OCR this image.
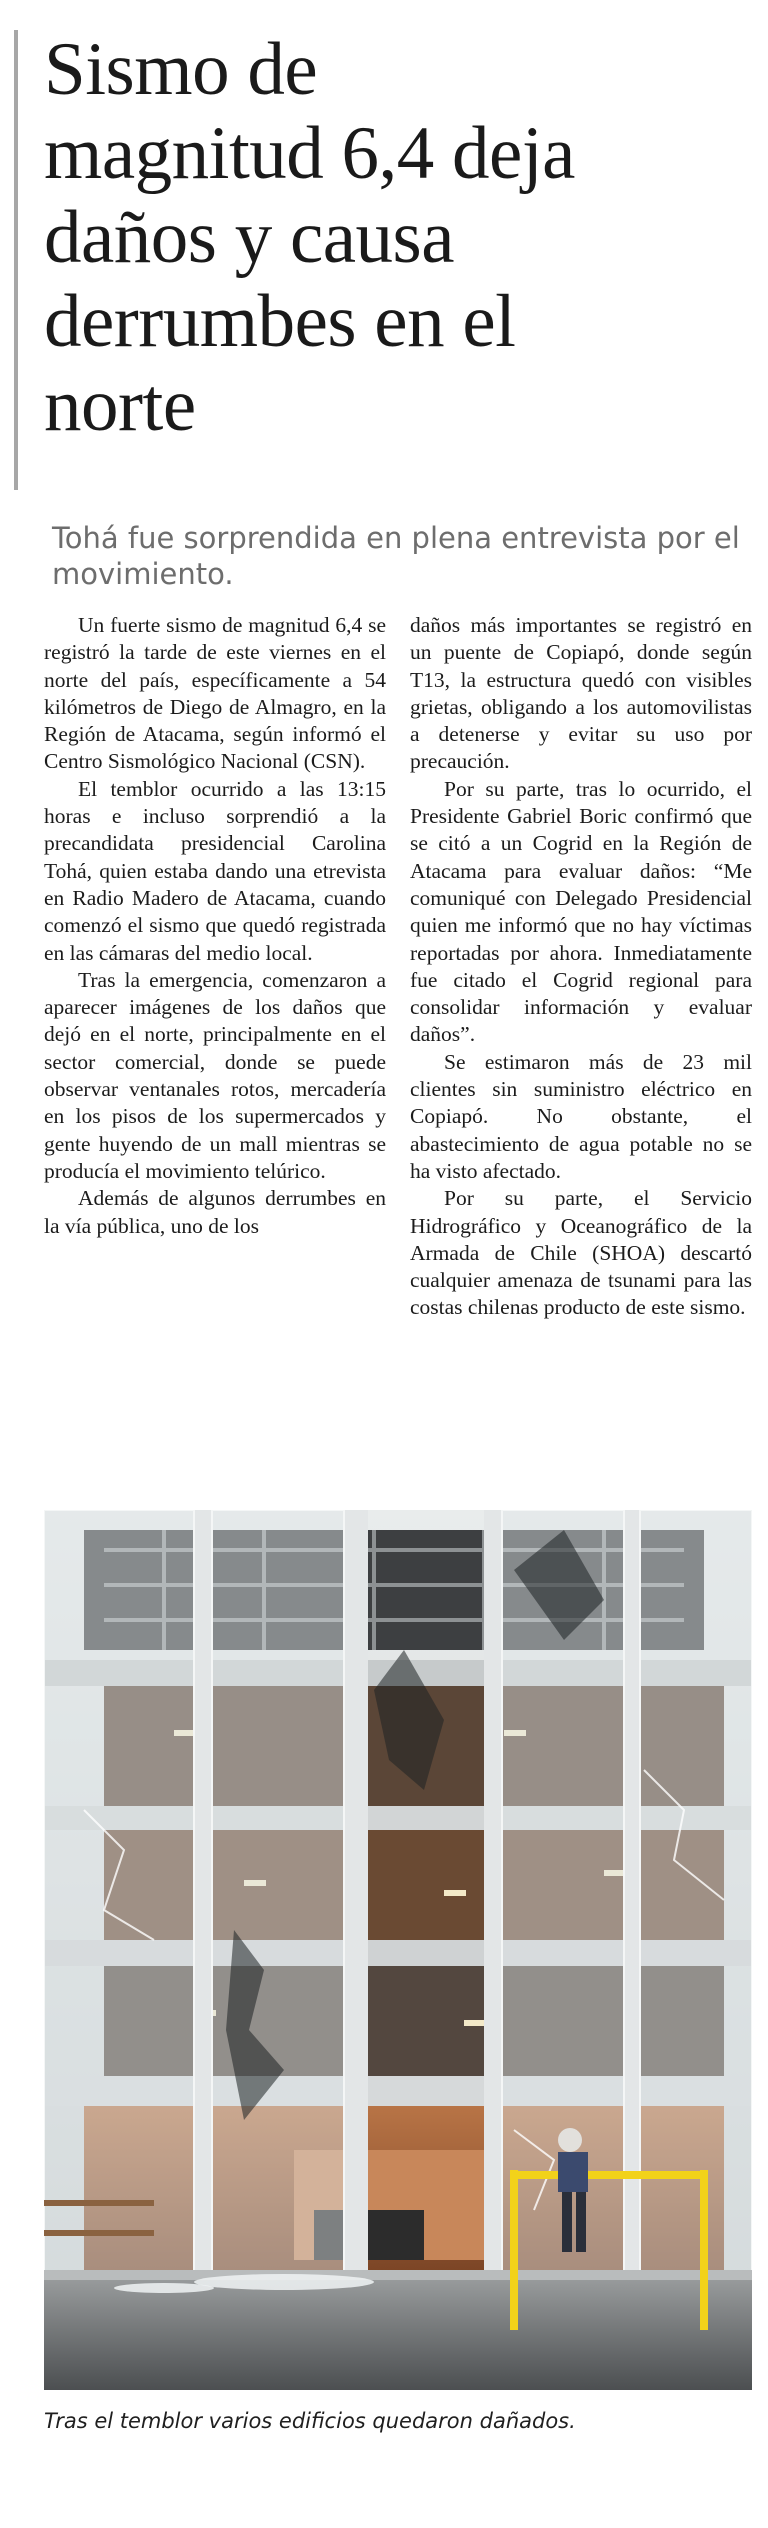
Sismo de
magnitud 6,4 deja
daños y causa
derrumbes en el
norte

Tohá fue sorprendida en plena entrevista por el movimiento.

Un fuerte sismo de magnitud 6,4 se registró la tarde de este viernes en el norte del país, específicamente a 54 kilómetros de Diego de Almagro, en la Región de Atacama, según informó el Centro Sismológico Nacional (CSN).

El temblor ocurrido a las 13:15 horas e incluso sorprendió a la precandidata presidencial Carolina Tohá, quien estaba dando una etrevista en Radio Madero de Atacama, cuando comenzó el sismo que quedó registrada en las cámaras del medio local.

Tras la emergencia, comenzaron a aparecer imágenes de los daños que dejó en el norte, principalmente en el sector comercial, donde se puede observar ventanales rotos, mercadería en los pisos de los supermercados y gente huyendo de un mall mientras se producía el movimiento telúrico.

Además de algunos derrumbes en la vía pública, uno de los

daños más importantes se registró en un puente de Copiapó, donde según T13, la estructura quedó con visibles grietas, obligando a los automovilistas a detenerse y evitar su uso por precaución.

Por su parte, tras lo ocurrido, el Presidente Gabriel Boric confirmó que se citó a un Cogrid en la Región de Atacama para evaluar daños: “Me comuniqué con Delegado Presidencial quien me informó que no hay víctimas reportadas por ahora. Inmediatamente fue citado el Cogrid regional para consolidar información y evaluar daños”.

Se estimaron más de 23 mil clientes sin suministro eléctrico en Copiapó. No obstante, el abastecimiento de agua potable no se ha visto afectado.

Por su parte, el Servicio Hidrográfico y Oceanográfico de la Armada de Chile (SHOA) descartó cualquier amenaza de tsunami para las costas chilenas producto de este sismo.

Tras el temblor varios edificios quedaron dañados.
